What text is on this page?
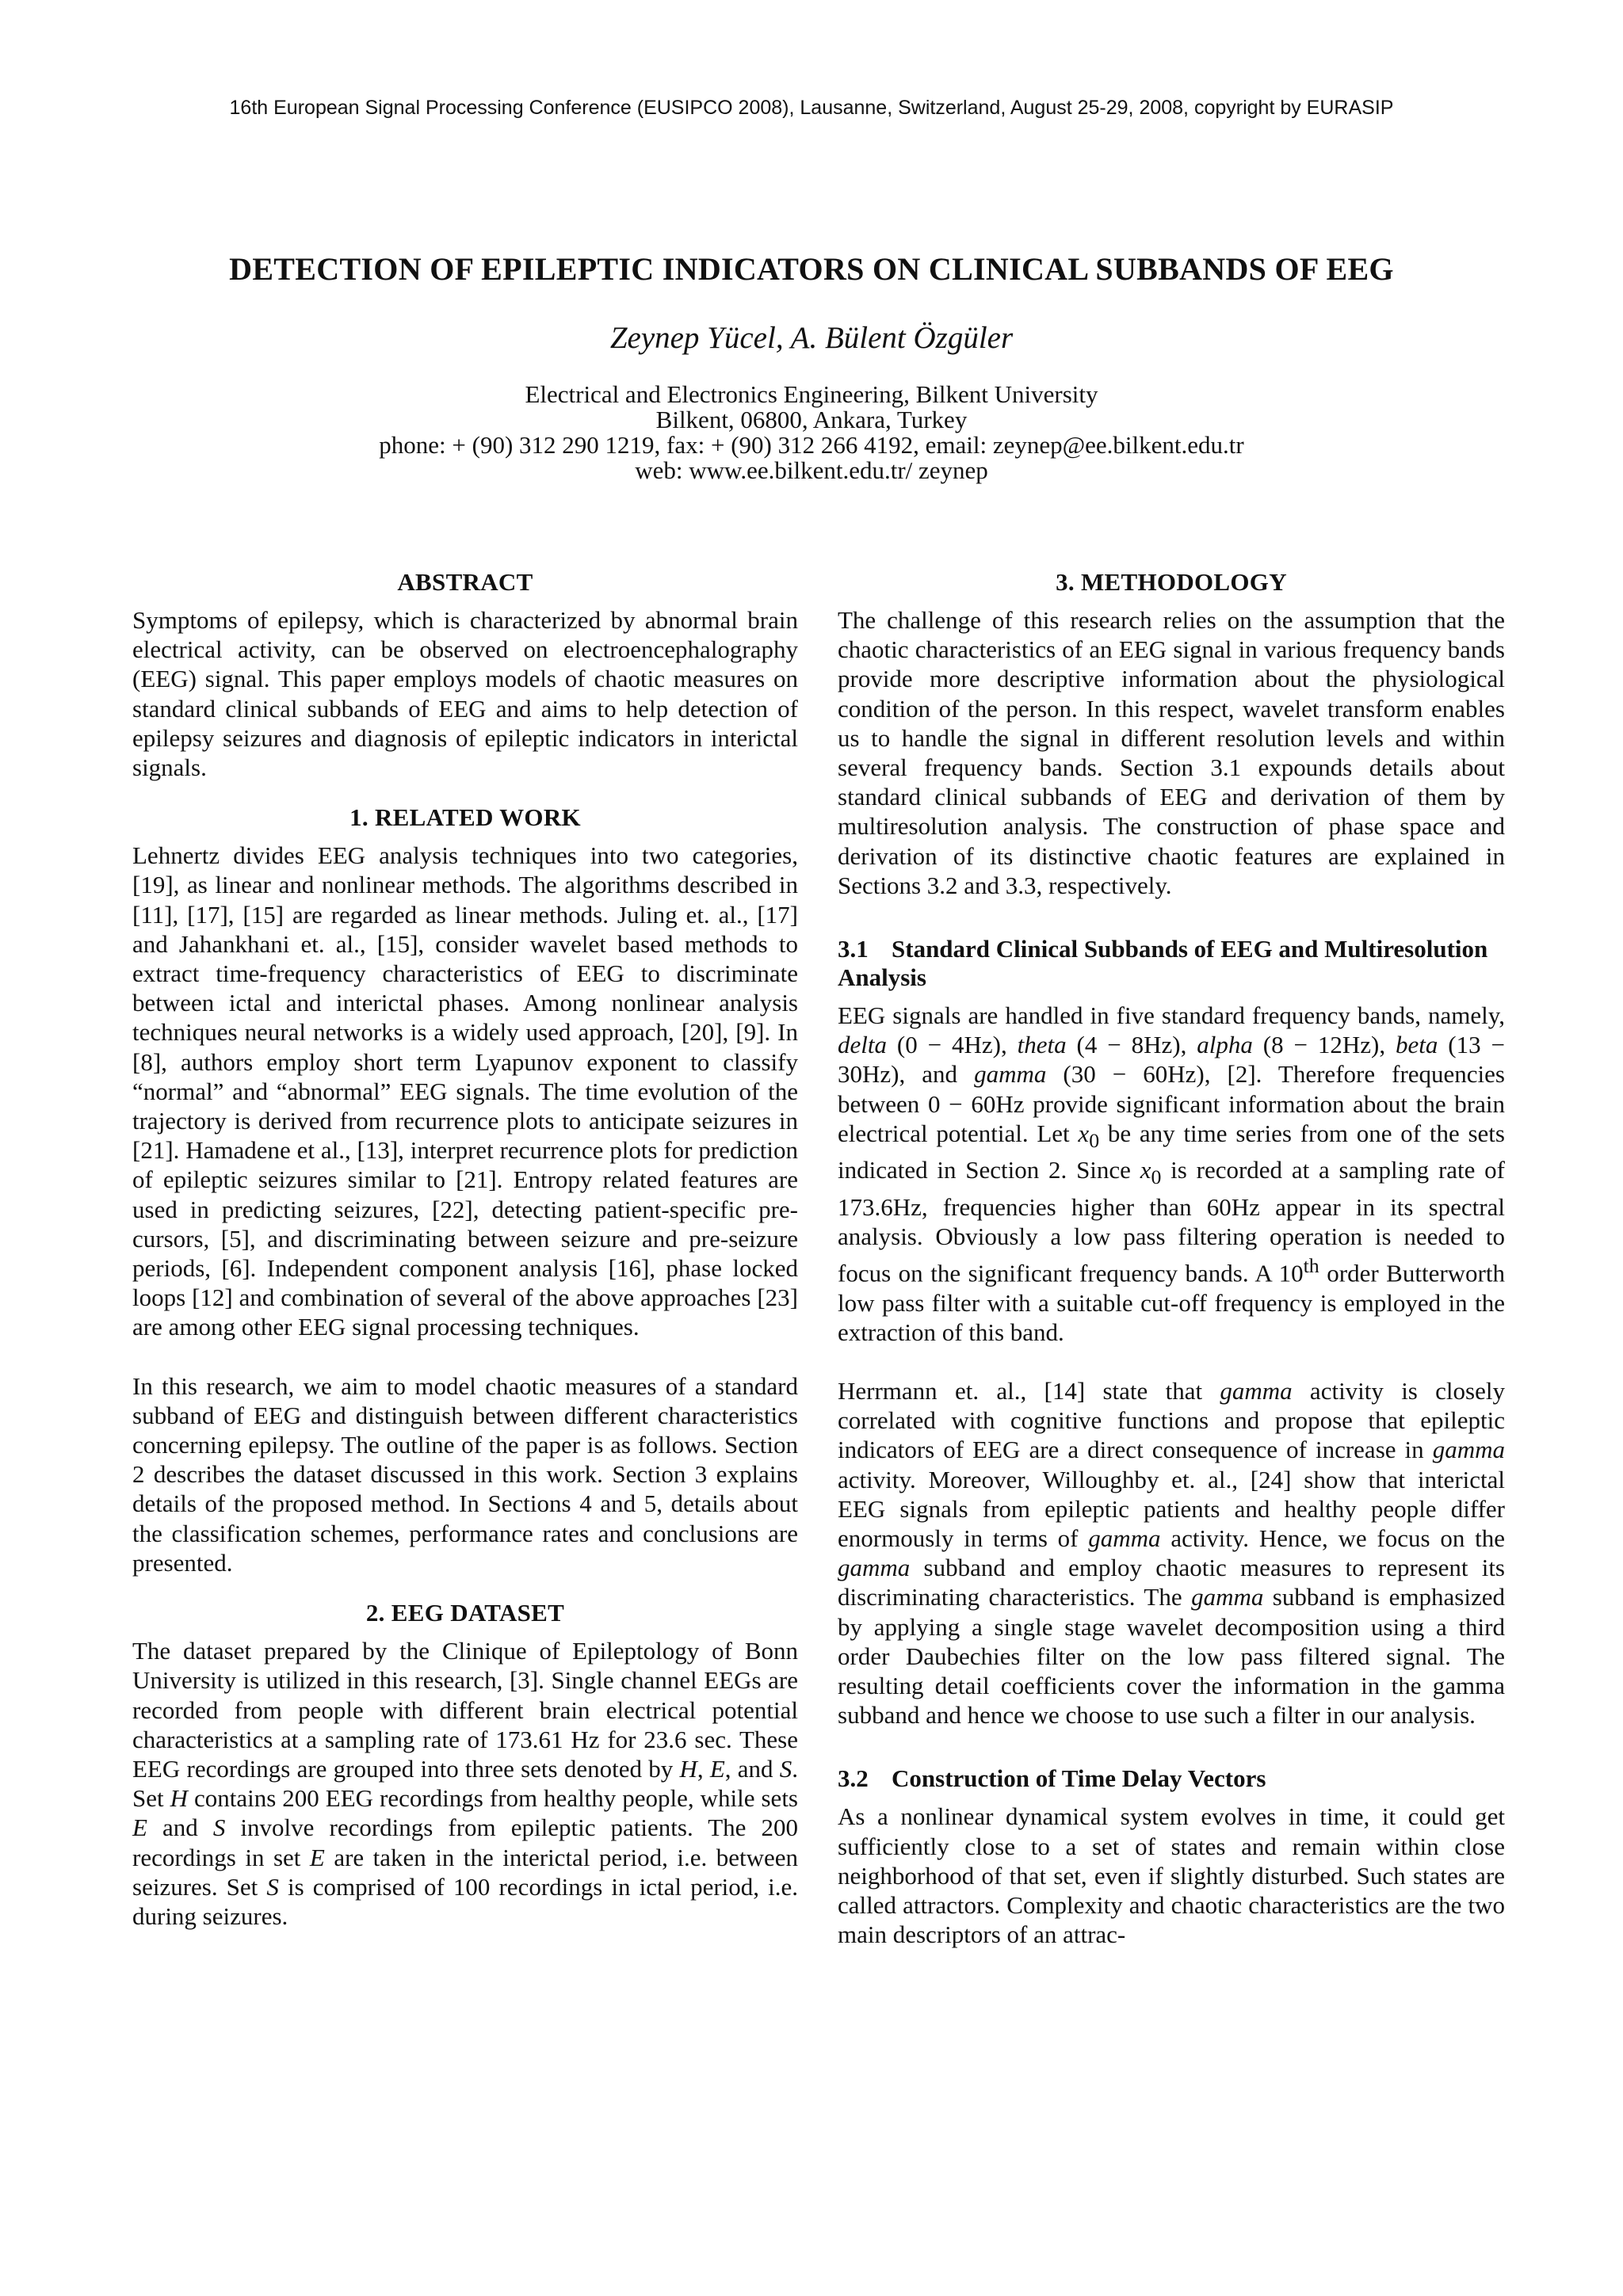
16th European Signal Processing Conference (EUSIPCO 2008), Lausanne, Switzerland, August 25-29, 2008, copyright by EURASIP
DETECTION OF EPILEPTIC INDICATORS ON CLINICAL SUBBANDS OF EEG
Zeynep Yücel, A. Bülent Özgüler
Electrical and Electronics Engineering, Bilkent University
Bilkent, 06800, Ankara, Turkey
phone: + (90) 312 290 1219, fax: + (90) 312 266 4192, email: zeynep@ee.bilkent.edu.tr
web: www.ee.bilkent.edu.tr/ zeynep
ABSTRACT

Symptoms of epilepsy, which is characterized by abnormal brain electrical activity, can be observed on electroencephalography (EEG) signal. This paper employs models of chaotic measures on standard clinical subbands of EEG and aims to help detection of epilepsy seizures and diagnosis of epileptic indicators in interictal signals.

1. RELATED WORK

Lehnertz divides EEG analysis techniques into two categories, [19], as linear and nonlinear methods. The algorithms described in [11], [17], [15] are regarded as linear methods. Juling et. al., [17] and Jahankhani et. al., [15], consider wavelet based methods to extract time-frequency characteristics of EEG to discriminate between ictal and interictal phases. Among nonlinear analysis techniques neural networks is a widely used approach, [20], [9]. In [8], authors employ short term Lyapunov exponent to classify “normal” and “abnormal” EEG signals. The time evolution of the trajectory is derived from recurrence plots to anticipate seizures in [21]. Hamadene et al., [13], interpret recurrence plots for prediction of epileptic seizures similar to [21]. Entropy related features are used in predicting seizures, [22], detecting patient-specific pre-cursors, [5], and discriminating between seizure and pre-seizure periods, [6]. Independent component analysis [16], phase locked loops [12] and combination of several of the above approaches [23] are among other EEG signal processing techniques.

In this research, we aim to model chaotic measures of a standard subband of EEG and distinguish between different characteristics concerning epilepsy. The outline of the paper is as follows. Section 2 describes the dataset discussed in this work. Section 3 explains details of the proposed method. In Sections 4 and 5, details about the classification schemes, performance rates and conclusions are presented.

2. EEG DATASET

The dataset prepared by the Clinique of Epileptology of Bonn University is utilized in this research, [3]. Single channel EEGs are recorded from people with different brain electrical potential characteristics at a sampling rate of 173.61 Hz for 23.6 sec. These EEG recordings are grouped into three sets denoted by H, E, and S. Set H contains 200 EEG recordings from healthy people, while sets E and S involve recordings from epileptic patients. The 200 recordings in set E are taken in the interictal period, i.e. between seizures. Set S is comprised of 100 recordings in ictal period, i.e. during seizures.

3. METHODOLOGY

The challenge of this research relies on the assumption that the chaotic characteristics of an EEG signal in various frequency bands provide more descriptive information about the physiological condition of the person. In this respect, wavelet transform enables us to handle the signal in different resolution levels and within several frequency bands. Section 3.1 expounds details about standard clinical subbands of EEG and derivation of them by multiresolution analysis. The construction of phase space and derivation of its distinctive chaotic features are explained in Sections 3.2 and 3.3, respectively.

3.1 Standard Clinical Subbands of EEG and Multiresolution Analysis

EEG signals are handled in five standard frequency bands, namely, delta (0 − 4Hz), theta (4 − 8Hz), alpha (8 − 12Hz), beta (13 − 30Hz), and gamma (30 − 60Hz), [2]. Therefore frequencies between 0 − 60Hz provide significant information about the brain electrical potential. Let $x_0$ be any time series from one of the sets indicated in Section 2. Since $x_0$ is recorded at a sampling rate of 173.6Hz, frequencies higher than 60Hz appear in its spectral analysis. Obviously a low pass filtering operation is needed to focus on the significant frequency bands. A 10th order Butterworth low pass filter with a suitable cut-off frequency is employed in the extraction of this band.

Herrmann et. al., [14] state that gamma activity is closely correlated with cognitive functions and propose that epileptic indicators of EEG are a direct consequence of increase in gamma activity. Moreover, Willoughby et. al., [24] show that interictal EEG signals from epileptic patients and healthy people differ enormously in terms of gamma activity. Hence, we focus on the gamma subband and employ chaotic measures to represent its discriminating characteristics. The gamma subband is emphasized by applying a single stage wavelet decomposition using a third order Daubechies filter on the low pass filtered signal. The resulting detail coefficients cover the information in the gamma subband and hence we choose to use such a filter in our analysis.

3.2 Construction of Time Delay Vectors

As a nonlinear dynamical system evolves in time, it could get sufficiently close to a set of states and remain within close neighborhood of that set, even if slightly disturbed. Such states are called attractors. Complexity and chaotic characteristics are the two main descriptors of an attrac-
